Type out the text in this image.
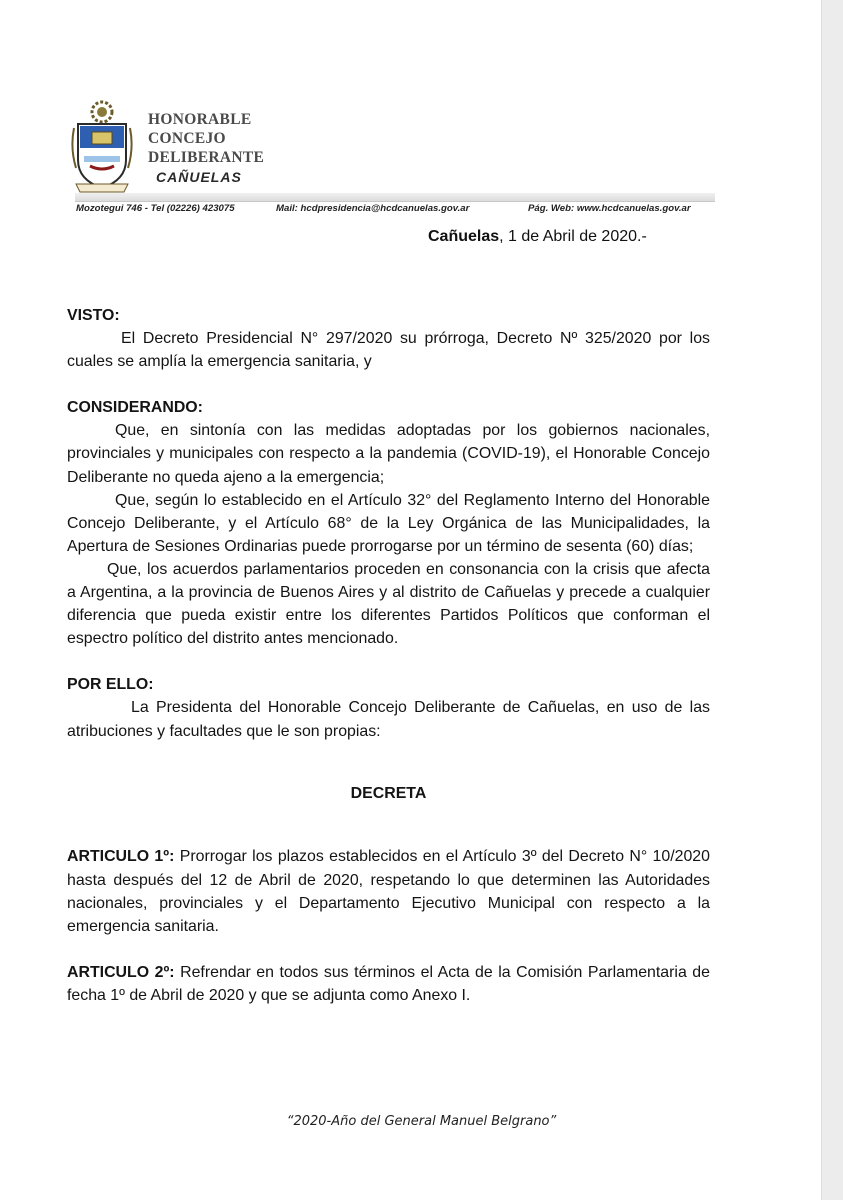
HONORABLE
CONCEJO
DELIBERANTE
CAÑUELAS
Mozotegui 746 - Tel (02226) 423075	Mail: hcdpresidencia@hcdcanuelas.gov.ar	Pág. Web: www.hcdcanuelas.gov.ar
Cañuelas, 1 de Abril de 2020.-

VISTO:

El Decreto Presidencial N° 297/2020 su prórroga, Decreto Nº 325/2020 por los cuales se amplía la emergencia sanitaria, y

CONSIDERANDO:

Que, en sintonía con las medidas adoptadas por los gobiernos nacionales, provinciales y municipales con respecto a la pandemia (COVID-19), el Honorable Concejo Deliberante no queda ajeno a la emergencia;

Que, según lo establecido en el Artículo 32° del Reglamento Interno del Honorable Concejo Deliberante, y el Artículo 68° de la Ley Orgánica de las Municipalidades, la Apertura de Sesiones Ordinarias puede prorrogarse por un término de sesenta (60) días;

Que, los acuerdos parlamentarios proceden en consonancia con la crisis que afecta a Argentina, a la provincia de Buenos Aires y al distrito de Cañuelas y precede a cualquier diferencia que pueda existir entre los diferentes Partidos Políticos que conforman el espectro político del distrito antes mencionado.

POR ELLO:

La Presidenta del Honorable Concejo Deliberante de Cañuelas, en uso de las atribuciones y facultades que le son propias:

DECRETA

ARTICULO 1º: Prorrogar los plazos establecidos en el Artículo 3º del Decreto N° 10/2020 hasta después del 12 de Abril de 2020, respetando lo que determinen las Autoridades nacionales, provinciales y el Departamento Ejecutivo Municipal con respecto a la emergencia sanitaria.

ARTICULO 2º: Refrendar en todos sus términos el Acta de la Comisión Parlamentaria de fecha 1º de Abril de 2020 y que se adjunta como Anexo I.

“2020-Año del General Manuel Belgrano”
